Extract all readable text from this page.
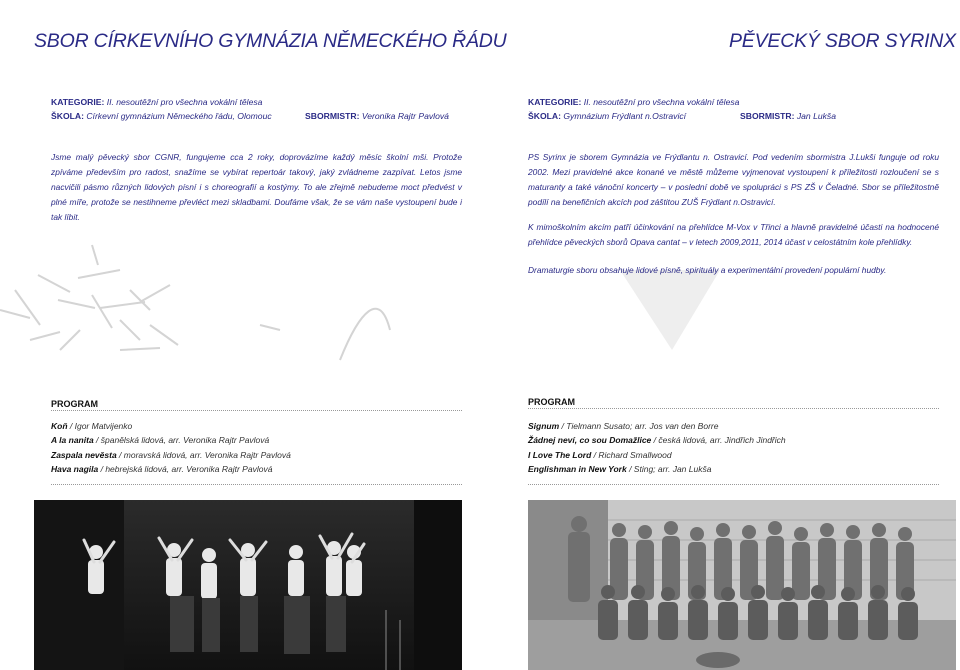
SBOR CÍRKEVNÍHO GYMNÁZIA NĚMECKÉHO ŘÁDU
KATEGORIE: II. nesoutěžní pro všechna vokální tělesa
ŠKOLA: Církevní gymnázium Německého řádu, Olomouc	SBORMISTR: Veronika Rajtr Pavlová

Jsme malý pěvecký sbor CGNR, fungujeme cca 2 roky, doprovázíme každý měsíc školní mši. Protože zpíváme především pro radost, snažíme se vybírat repertoár takový, jaký zvládneme zazpívat. Letos jsme nacvičili pásmo různých lidových písní i s choreografií a kostýmy. To ale zřejmě nebudeme moct předvést v plné míře, protože se nestihneme převléct mezi skladbami. Doufáme však, že se vám naše vystoupení bude i tak líbit.

PROGRAM
Koň / Igor Matvijenko
A la nanita / španělská lidová, arr. Veronika Rajtr Pavlová
Zaspala nevěsta / moravská lidová, arr. Veronika Rajtr Pavlová
Hava nagila / hebrejská lidová, arr. Veronika Rajtr Pavlová
PĚVECKÝ SBOR SYRINX
KATEGORIE: II. nesoutěžní pro všechna vokální tělesa
ŠKOLA: Gymnázium Frýdlant n.Ostravicí	SBORMISTR: Jan Lukša

PS Syrinx je sborem Gymnázia ve Frýdlantu n. Ostravicí. Pod vedením sbormistra J.Lukši funguje od roku 2002. Mezi pravidelné akce konané ve městě můžeme vyjmenovat vystoupení k příležitosti rozloučení se s maturanty a také vánoční koncerty – v poslední době ve spolupráci s PS ZŠ v Čeladné. Sbor se příležitostně podílí na benefičních akcích pod záštitou ZUŠ Frýdlant n.Ostravicí.

K mimoškolním akcím patří účinkování na přehlídce M-Vox v Třinci a hlavně pravidelné účasti na hodnocené přehlídce pěveckých sborů Opava cantat – v letech 2009,2011, 2014 účast v celostátním kole přehlídky.

Dramaturgie sboru obsahuje lidové písně, spirituály a experimentální provedení populární hudby.

PROGRAM
Signum / Tielmann Susato; arr. Jos van den Borre
Žádnej neví, co sou Domažlice / česká lidová, arr. Jindřich Jindřich
I Love The Lord / Richard Smallwood
Englishman in New York / Sting; arr. Jan Lukša
